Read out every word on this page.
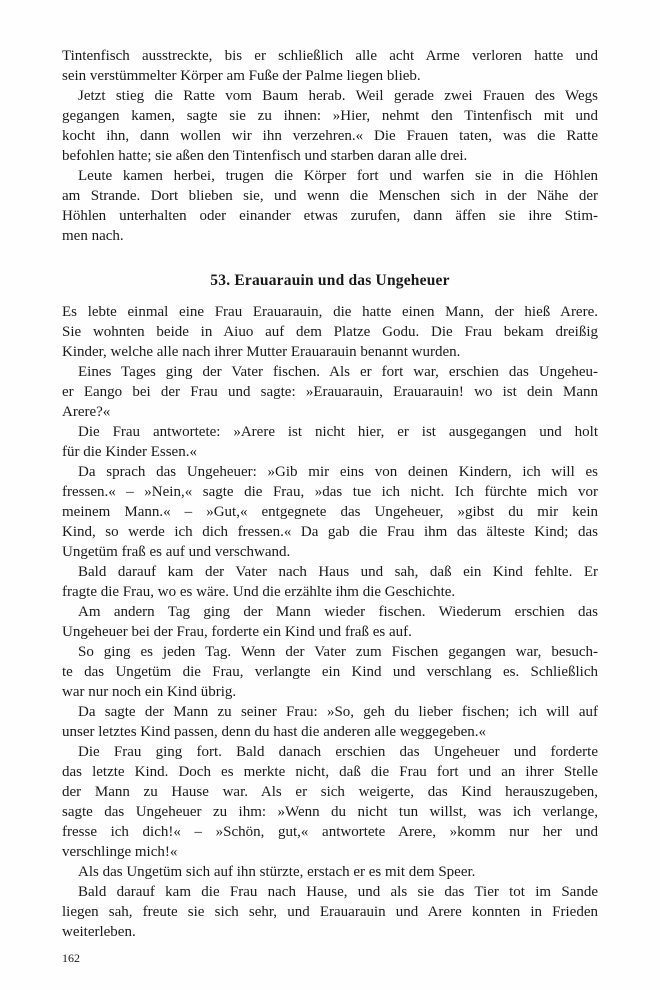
Tintenfisch ausstreckte, bis er schließlich alle acht Arme verloren hatte und
sein verstümmelter Körper am Fuße der Palme liegen blieb.
Jetzt stieg die Ratte vom Baum herab. Weil gerade zwei Frauen des Wegs
gegangen kamen, sagte sie zu ihnen: »Hier, nehmt den Tintenfisch mit und
kocht ihn, dann wollen wir ihn verzehren.« Die Frauen taten, was die Ratte
befohlen hatte; sie aßen den Tintenfisch und starben daran alle drei.
Leute kamen herbei, trugen die Körper fort und warfen sie in die Höhlen
am Strande. Dort blieben sie, und wenn die Menschen sich in der Nähe der
Höhlen unterhalten oder einander etwas zurufen, dann äffen sie ihre Stim-
men nach.
53. Erauarauin und das Ungeheuer
Es lebte einmal eine Frau Erauarauin, die hatte einen Mann, der hieß Arere.
Sie wohnten beide in Aiuo auf dem Platze Godu. Die Frau bekam dreißig
Kinder, welche alle nach ihrer Mutter Erauarauin benannt wurden.
Eines Tages ging der Vater fischen. Als er fort war, erschien das Ungeheu-
er Eango bei der Frau und sagte: »Erauarauin, Erauarauin! wo ist dein Mann
Arere?«
Die Frau antwortete: »Arere ist nicht hier, er ist ausgegangen und holt
für die Kinder Essen.«
Da sprach das Ungeheuer: »Gib mir eins von deinen Kindern, ich will es
fressen.« – »Nein,« sagte die Frau, »das tue ich nicht. Ich fürchte mich vor
meinem Mann.« – »Gut,« entgegnete das Ungeheuer, »gibst du mir kein
Kind, so werde ich dich fressen.« Da gab die Frau ihm das älteste Kind; das
Ungetüm fraß es auf und verschwand.
Bald darauf kam der Vater nach Haus und sah, daß ein Kind fehlte. Er
fragte die Frau, wo es wäre. Und die erzählte ihm die Geschichte.
Am andern Tag ging der Mann wieder fischen. Wiederum erschien das
Ungeheuer bei der Frau, forderte ein Kind und fraß es auf.
So ging es jeden Tag. Wenn der Vater zum Fischen gegangen war, besuch-
te das Ungetüm die Frau, verlangte ein Kind und verschlang es. Schließlich
war nur noch ein Kind übrig.
Da sagte der Mann zu seiner Frau: »So, geh du lieber fischen; ich will auf
unser letztes Kind passen, denn du hast die anderen alle weggegeben.«
Die Frau ging fort. Bald danach erschien das Ungeheuer und forderte
das letzte Kind. Doch es merkte nicht, daß die Frau fort und an ihrer Stelle
der Mann zu Hause war. Als er sich weigerte, das Kind herauszugeben,
sagte das Ungeheuer zu ihm: »Wenn du nicht tun willst, was ich verlange,
fresse ich dich!« – »Schön, gut,« antwortete Arere, »komm nur her und
verschlinge mich!«
Als das Ungetüm sich auf ihn stürzte, erstach er es mit dem Speer.
Bald darauf kam die Frau nach Hause, und als sie das Tier tot im Sande
liegen sah, freute sie sich sehr, und Erauarauin und Arere konnten in Frieden
weiterleben.
162
